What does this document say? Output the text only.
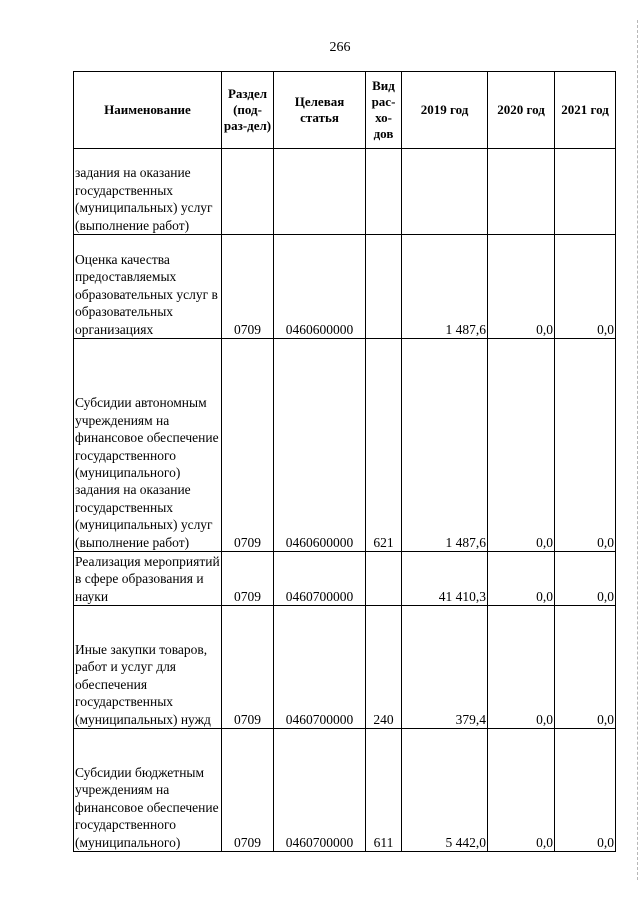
266
Наименование	Раздел (под-раз-дел)	Целевая статья	Вид рас-хо-дов	2019 год	2020 год	2021 год
задания на оказание государственных (муниципальных) услуг (выполнение работ)						
Оценка качества предоставляемых образовательных услуг в образовательных организациях	0709	0460600000		1 487,6	0,0	0,0
Субсидии автономным учреждениям на финансовое обеспечение государственного (муниципального) задания на оказание государственных (муниципальных) услуг (выполнение работ)	0709	0460600000	621	1 487,6	0,0	0,0
Реализация мероприятий в сфере образования и науки	0709	0460700000		41 410,3	0,0	0,0
Иные закупки товаров, работ и услуг для обеспечения государственных (муниципальных) нужд	0709	0460700000	240	379,4	0,0	0,0
Субсидии бюджетным учреждениям на финансовое обеспечение государственного (муниципального)	0709	0460700000	611	5 442,0	0,0	0,0
